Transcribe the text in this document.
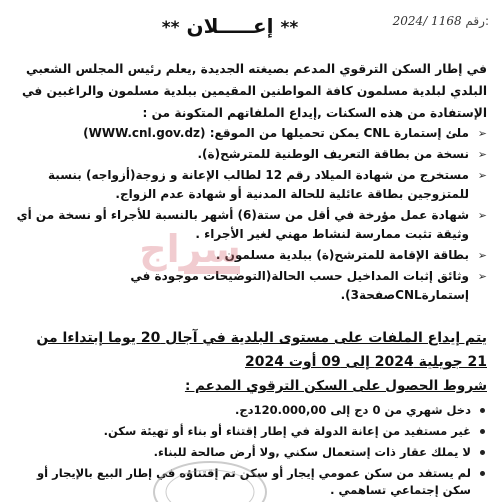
2024/ 1168 رقم:
** إعـــــلان **
في إطار السكن الترقوي المدعم بصيغته الجديدة ,يعلم رئيس المجلس الشعبي البلدي لبلدية مسلمون كافة المواطنين المقيمين ببلدية مسلمون والراغبين في الإستفادة من هذه السكنات ,إيداع الملفاتهم المتكونة من :
➢
ملئ إستمارة CNL يمكن تحميلها من الموقع: (WWW.cnl.gov.dz)
➢
نسخة من بطاقة التعريف الوطنية للمترشح(ة).
➢
مستخرج من شهادة الميلاد رقم 12 لطالب الإعانة و زوجة(أزواجه) بنسبة للمتزوجين بطاقة عائلية للحالة المدنية أو شهادة عدم الزواج.
➢
شهادة عمل مؤرخة في أقل من ستة(6) أشهر بالنسبة للأجراء أو نسخة من أي وثيقة تثبت ممارسة لنشاط مهني لغير الأجراء .
➢
بطاقة الإقامة للمترشح(ة) ببلدية مسلمون .
➢
وثائق إثبات المداخيل حسب الحالة(التوضيحات موجودة في إستمارةCNLصفحة3).
يتم إيداع الملفات على مستوى البلدية في آجال 20 يوما إبتداءا من
21 جويلية 2024 إلى 09 أوت 2024
شروط الحصول على السكن الترقوي المدعم :
دخل شهري من 0 دج إلى 120.000,00دج.
غير مستفيد من إعانة الدولة في إطار إقتناء أو بناء أو تهيئة سكن.
لا يملك عقار ذات إستعمال سكني ,ولا أرض صالحة للبناء.
لم يستفد من سكن عمومي إيجار أو سكن تم إقتناؤه في إطار البيع بالإيجار أو سكن إجتماعي تساهمي .
سراج
